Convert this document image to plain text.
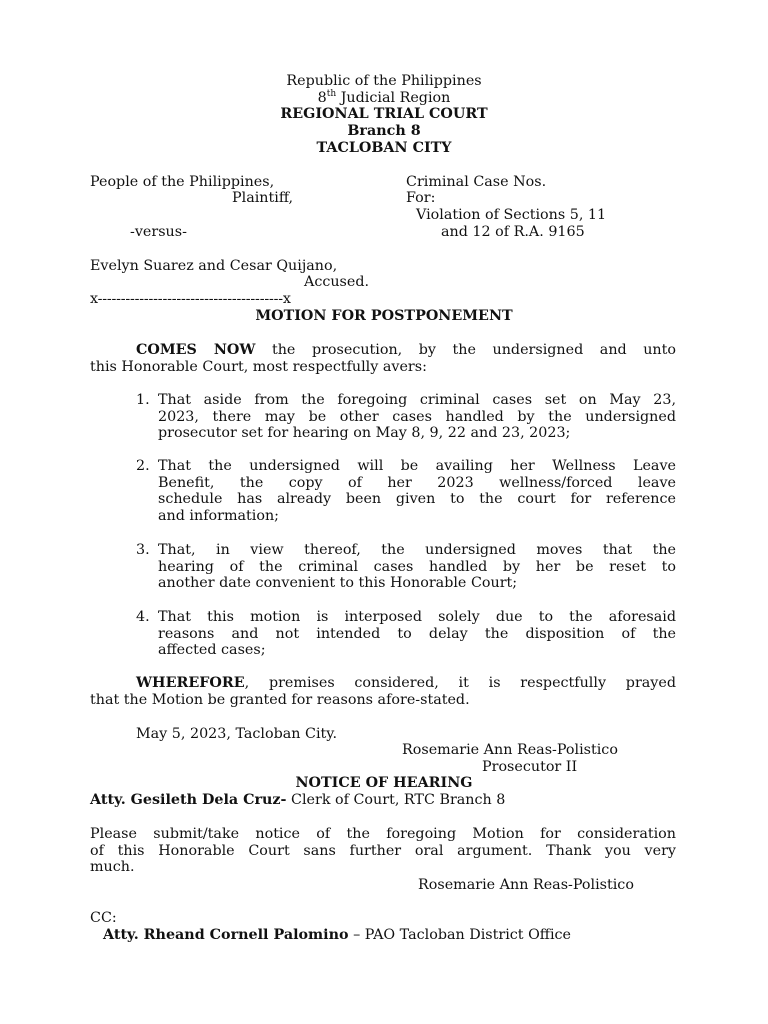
Republic of the Philippines
8th Judicial Region
REGIONAL TRIAL COURT
Branch 8
TACLOBAN CITY
People of the Philippines,
Plaintiff,
-versus-
Evelyn Suarez and Cesar Quijano,
Accused.
Criminal Case Nos.
For:
Violation of Sections 5, 11
and 12 of R.A. 9165
x----------------------------------------x
MOTION FOR POSTPONEMENT
COMES NOW the prosecution, by the undersigned and unto
this Honorable Court, most respectfully avers:
1. That aside from the foregoing criminal cases set on May 23,
2023, there may be other cases handled by the undersigned
prosecutor set for hearing on May 8, 9, 22 and 23, 2023;
2. That the undersigned will be availing her Wellness Leave
Benefit, the copy of her 2023 wellness/forced leave
schedule has already been given to the court for reference
and information;
3. That, in view thereof, the undersigned moves that the
hearing of the criminal cases handled by her be reset to
another date convenient to this Honorable Court;
4. That this motion is interposed solely due to the aforesaid
reasons and not intended to delay the disposition of the
affected cases;
WHEREFORE, premises considered, it is respectfully prayed
that the Motion be granted for reasons afore-stated.
May 5, 2023, Tacloban City.
Rosemarie Ann Reas-Polistico
Prosecutor II
NOTICE OF HEARING
Atty. Gesileth Dela Cruz- Clerk of Court, RTC Branch 8
Please submit/take notice of the foregoing Motion for consideration
of this Honorable Court sans further oral argument. Thank you very
much.
Rosemarie Ann Reas-Polistico
CC:
Atty. Rheand Cornell Palomino – PAO Tacloban District Office
